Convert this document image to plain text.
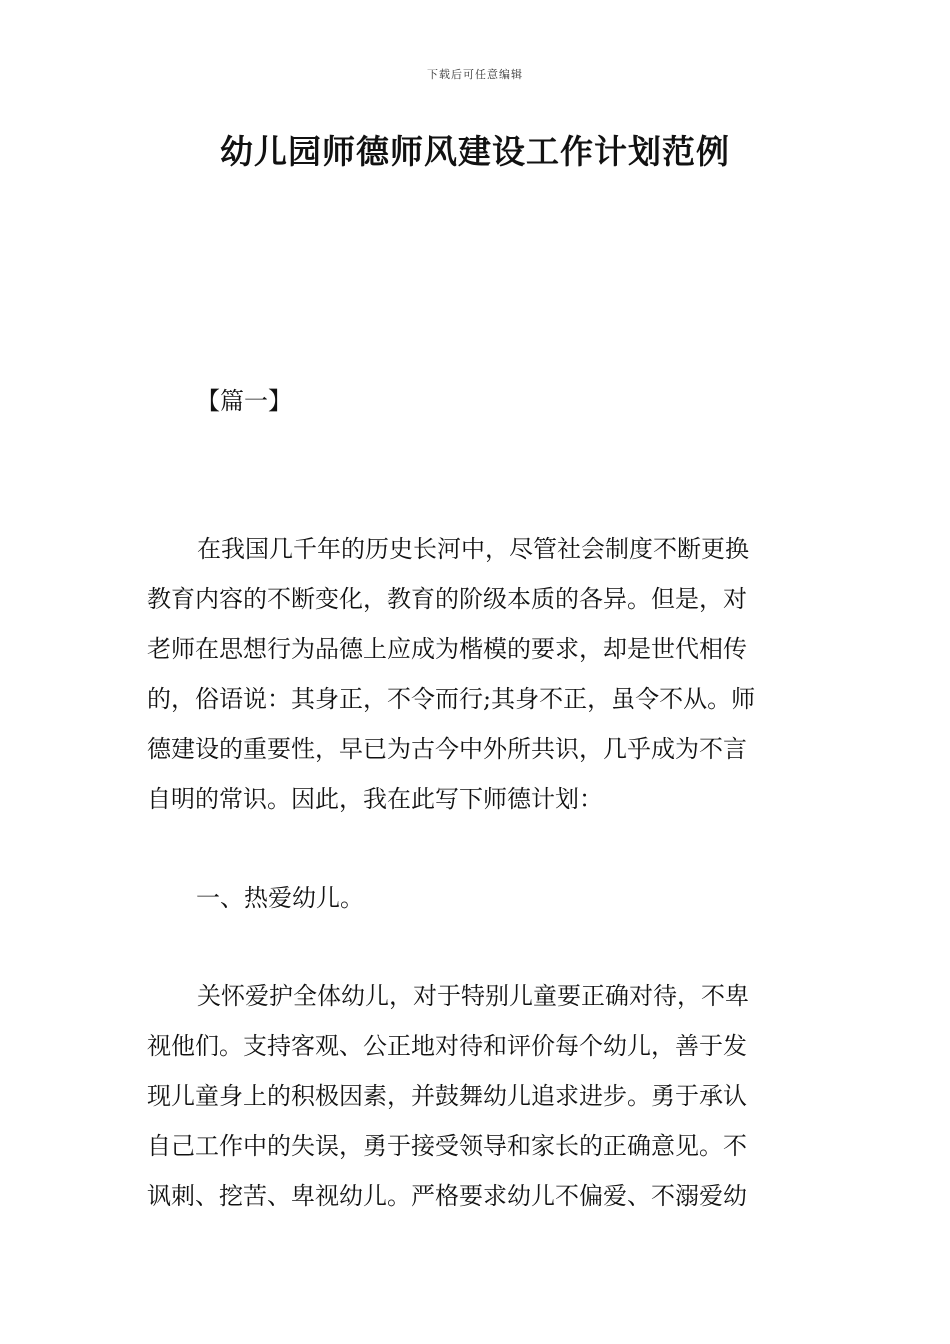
下载后可任意编辑
幼儿园师德师风建设工作计划范例
【篇一】
在我国几千年的历史长河中，尽管社会制度不断更换
教育内容的不断变化，教育的阶级本质的各异。但是，对
老师在思想行为品德上应成为楷模的要求，却是世代相传
的，俗语说：其身正，不令而行;其身不正，虽令不从。师
德建设的重要性，早已为古今中外所共识，几乎成为不言
自明的常识。因此，我在此写下师德计划：
一、热爱幼儿。
关怀爱护全体幼儿，对于特别儿童要正确对待，不卑
视他们。支持客观、公正地对待和评价每个幼儿，善于发
现儿童身上的积极因素，并鼓舞幼儿追求进步。勇于承认
自己工作中的失误，勇于接受领导和家长的正确意见。不
讽刺、挖苦、卑视幼儿。严格要求幼儿不偏爱、不溺爱幼
